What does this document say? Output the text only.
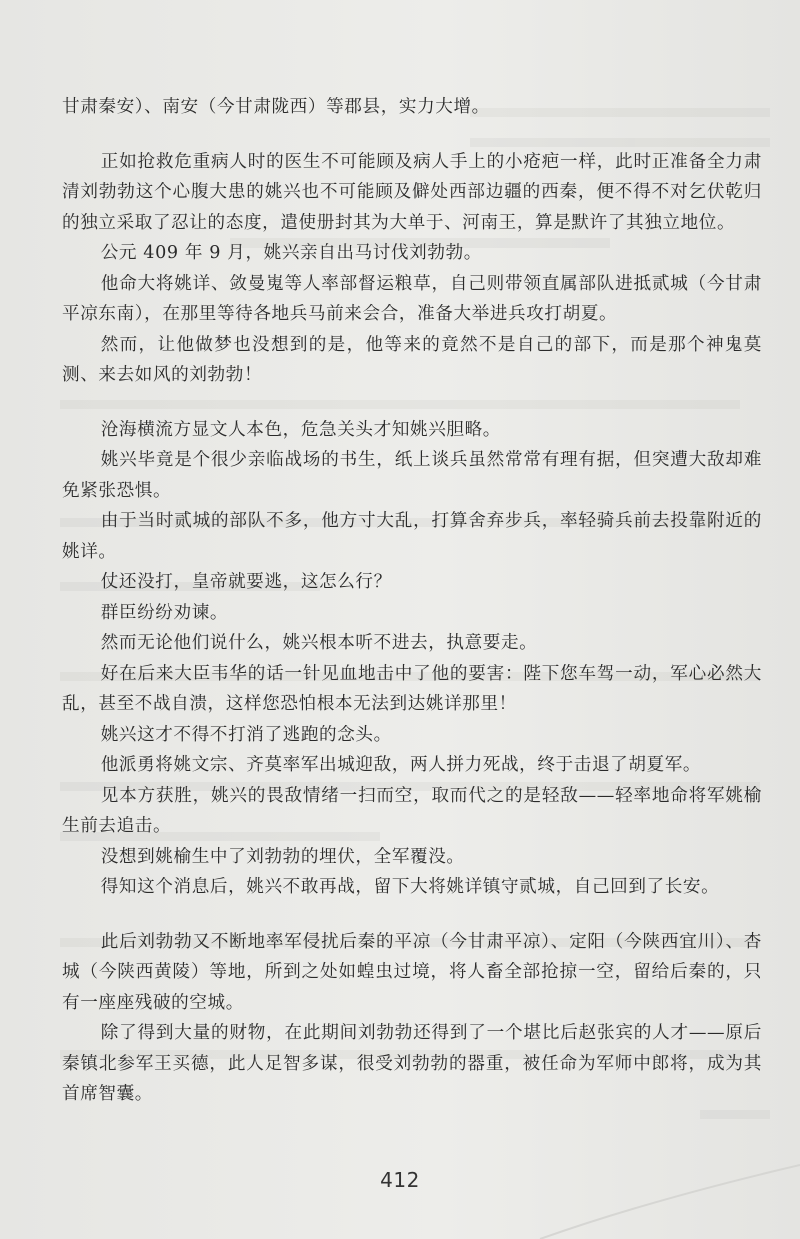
甘肃秦安）、南安（今甘肃陇西）等郡县，实力大增。

正如抢救危重病人时的医生不可能顾及病人手上的小疮疤一样，此时正准备全力肃清刘勃勃这个心腹大患的姚兴也不可能顾及僻处西部边疆的西秦，便不得不对乞伏乾归的独立采取了忍让的态度，遣使册封其为大单于、河南王，算是默许了其独立地位。

公元 409 年 9 月，姚兴亲自出马讨伐刘勃勃。

他命大将姚详、敛曼嵬等人率部督运粮草，自己则带领直属部队进抵贰城（今甘肃平凉东南），在那里等待各地兵马前来会合，准备大举进兵攻打胡夏。

然而，让他做梦也没想到的是，他等来的竟然不是自己的部下，而是那个神鬼莫测、来去如风的刘勃勃！

沧海横流方显文人本色，危急关头才知姚兴胆略。

姚兴毕竟是个很少亲临战场的书生，纸上谈兵虽然常常有理有据，但突遭大敌却难免紧张恐惧。

由于当时贰城的部队不多，他方寸大乱，打算舍弃步兵，率轻骑兵前去投靠附近的姚详。

仗还没打，皇帝就要逃，这怎么行？

群臣纷纷劝谏。

然而无论他们说什么，姚兴根本听不进去，执意要走。

好在后来大臣韦华的话一针见血地击中了他的要害：陛下您车驾一动，军心必然大乱，甚至不战自溃，这样您恐怕根本无法到达姚详那里！

姚兴这才不得不打消了逃跑的念头。

他派勇将姚文宗、齐莫率军出城迎敌，两人拼力死战，终于击退了胡夏军。

见本方获胜，姚兴的畏敌情绪一扫而空，取而代之的是轻敌——轻率地命将军姚榆生前去追击。

没想到姚榆生中了刘勃勃的埋伏，全军覆没。

得知这个消息后，姚兴不敢再战，留下大将姚详镇守贰城，自己回到了长安。

此后刘勃勃又不断地率军侵扰后秦的平凉（今甘肃平凉）、定阳（今陕西宜川）、杏城（今陕西黄陵）等地，所到之处如蝗虫过境，将人畜全部抢掠一空，留给后秦的，只有一座座残破的空城。

除了得到大量的财物，在此期间刘勃勃还得到了一个堪比后赵张宾的人才——原后秦镇北参军王买德，此人足智多谋，很受刘勃勃的器重，被任命为军师中郎将，成为其首席智囊。

412
